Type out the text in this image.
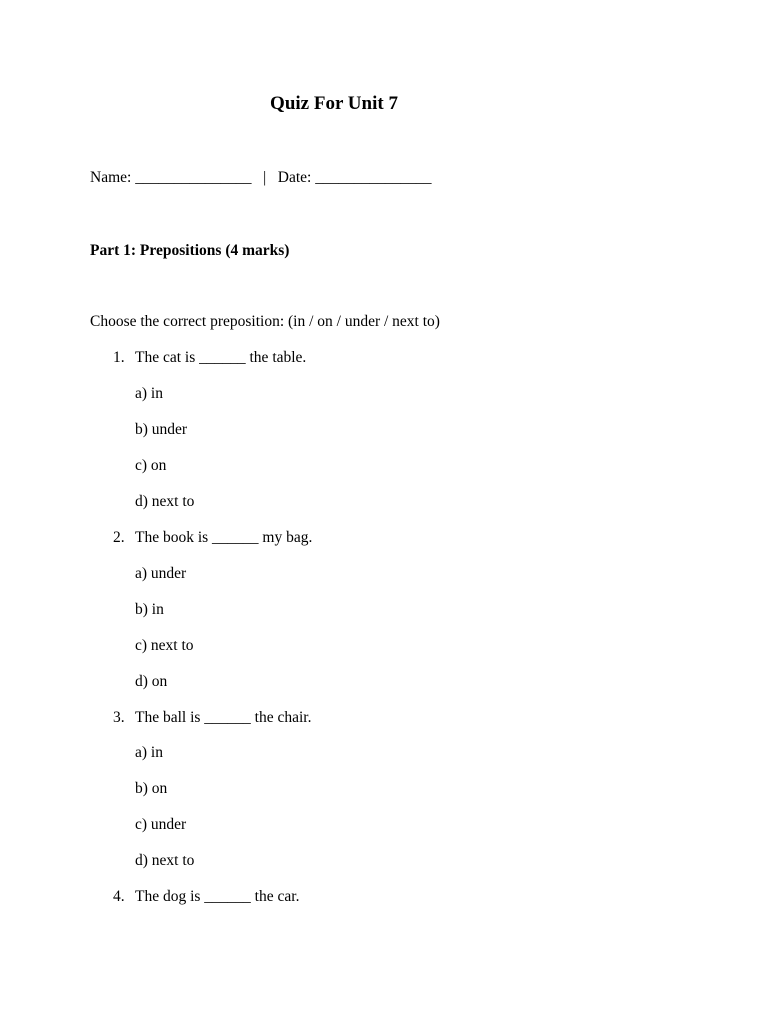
Quiz For Unit 7
Name: _______________   |   Date: _______________
Part 1: Prepositions (4 marks)
Choose the correct preposition: (in / on / under / next to)
1. The cat is ______ the table.
a) in
b) under
c) on
d) next to
2. The book is ______ my bag.
a) under
b) in
c) next to
d) on
3. The ball is ______ the chair.
a) in
b) on
c) under
d) next to
4. The dog is ______ the car.
